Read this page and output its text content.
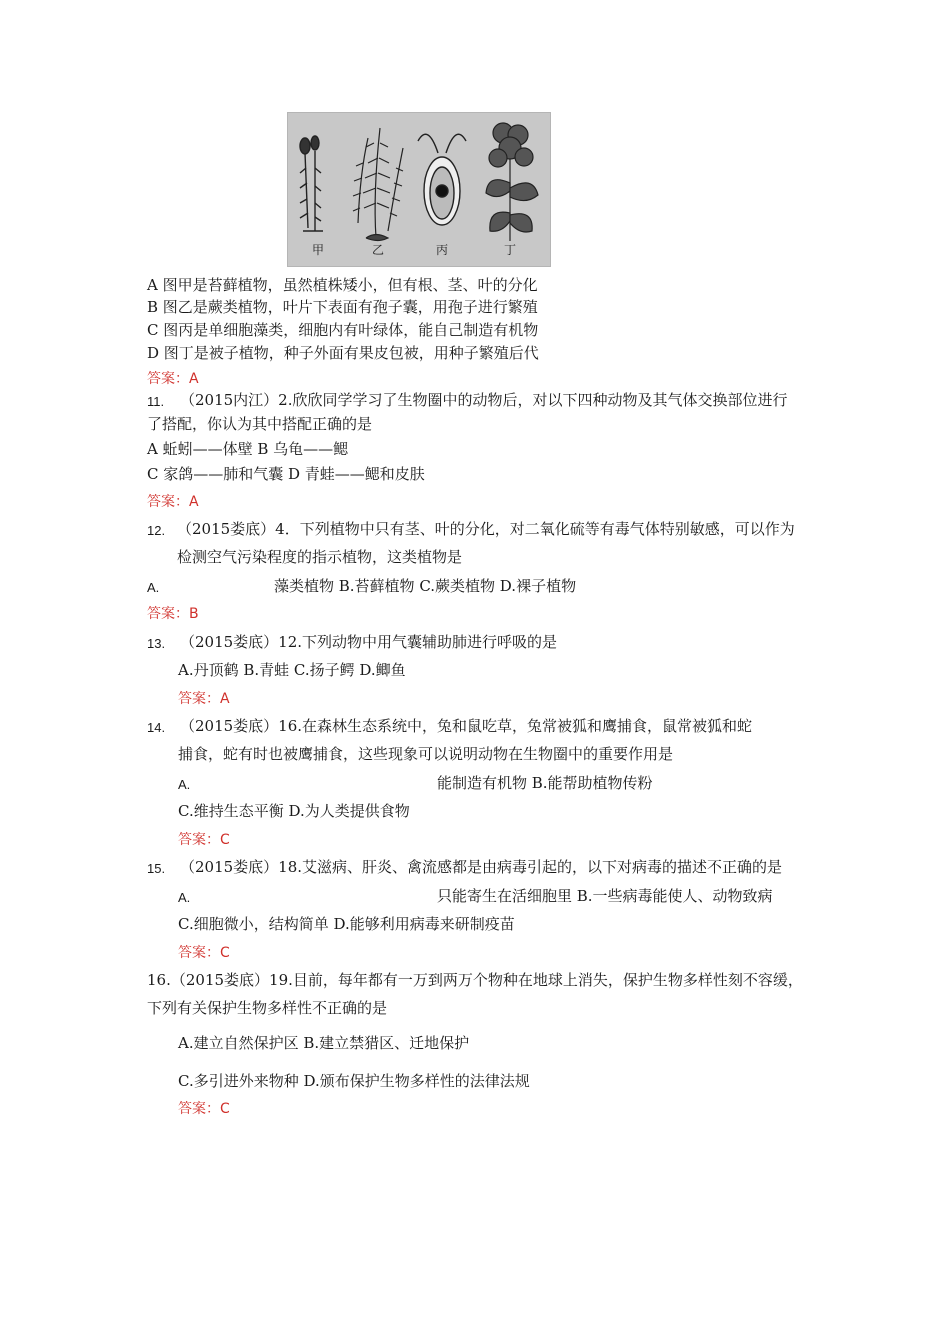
甲	乙	丙	丁
A 图甲是苔藓植物，虽然植株矮小，但有根、茎、叶的分化
B 图乙是蕨类植物，叶片下表面有孢子囊，用孢子进行繁殖
C 图丙是单细胞藻类，细胞内有叶绿体，能自己制造有机物
D 图丁是被子植物，种子外面有果皮包被，用种子繁殖后代
答案：A
11. （2015内江）2.欣欣同学学习了生物圈中的动物后，对以下四种动物及其气体交换部位进行
了搭配，你认为其中搭配正确的是
A 蚯蚓——体壁 B 乌龟——鳃
C 家鸽——肺和气囊 D 青蛙——鳃和皮肤
答案：A
12. （2015娄底）4．下列植物中只有茎、叶的分化，对二氧化硫等有毒气体特别敏感，可以作为
检测空气污染程度的指示植物，这类植物是
A.	藻类植物 B.苔藓植物 C.蕨类植物 D.裸子植物
答案：B
13. （2015娄底）12.下列动物中用气囊辅助肺进行呼吸的是
A.丹顶鹤 B.青蛙 C.扬子鳄 D.鲫鱼
答案：A
14. （2015娄底）16.在森林生态系统中，兔和鼠吃草，兔常被狐和鹰捕食，鼠常被狐和蛇
捕食，蛇有时也被鹰捕食，这些现象可以说明动物在生物圈中的重要作用是
A.	能制造有机物 B.能帮助植物传粉
C.维持生态平衡 D.为人类提供食物
答案：C
15. （2015娄底）18.艾滋病、肝炎、禽流感都是由病毒引起的，以下对病毒的描述不正确的是
A.	只能寄生在活细胞里 B.一些病毒能使人、动物致病
C.细胞微小，结构简单 D.能够利用病毒来研制疫苗
答案：C
16.（2015娄底）19.目前，每年都有一万到两万个物种在地球上消失，保护生物多样性刻不容缓，
下列有关保护生物多样性不正确的是
A.建立自然保护区 B.建立禁猎区、迁地保护
C.多引进外来物种 D.颁布保护生物多样性的法律法规
答案：C
